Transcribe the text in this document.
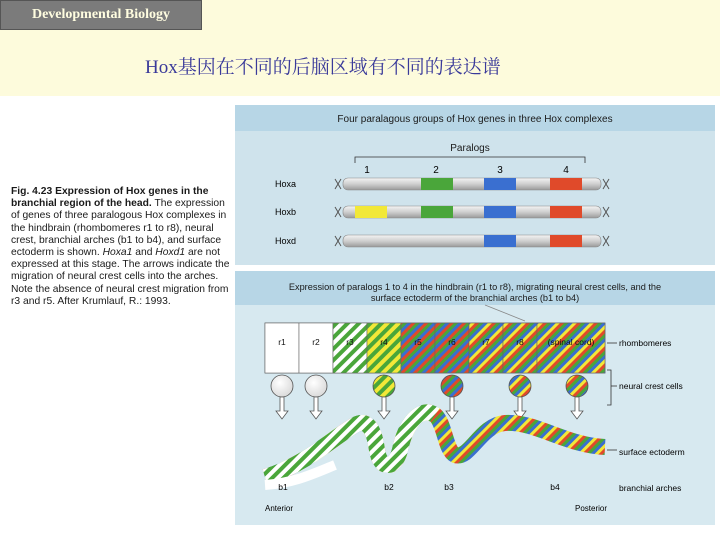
Developmental Biology
Hox基因在不同的后脑区域有不同的表达谱
Fig. 4.23 Expression of Hox genes in the branchial region of the head. The expression of genes of three paralogous Hox complexes in the hindbrain (rhombomeres r1 to r8), neural crest, branchial arches (b1 to b4), and surface ectoderm is shown. Hoxa1 and Hoxd1 are not expressed at this stage. The arrows indicate the migration of neural crest cells into the arches. Note the absence of neural crest migration from r3 and r5. After Krumlauf, R.: 1993.
Four paralagous groups of Hox genes in three Hox complexes
Paralogs
1	2	3	4
Hoxa
Hoxb
Hoxd
Expression of paralogs 1 to 4 in the hindbrain (r1 to r8), migrating neural crest cells, and the
surface ectoderm of the branchial arches (b1 to b4)
r1	r2	r3	r4	r5	r6	r7	r8	(spinal cord)	rhombomeres
neural crest cells
surface ectoderm
branchial arches
b1	b2	b3	b4
Anterior	Posterior
